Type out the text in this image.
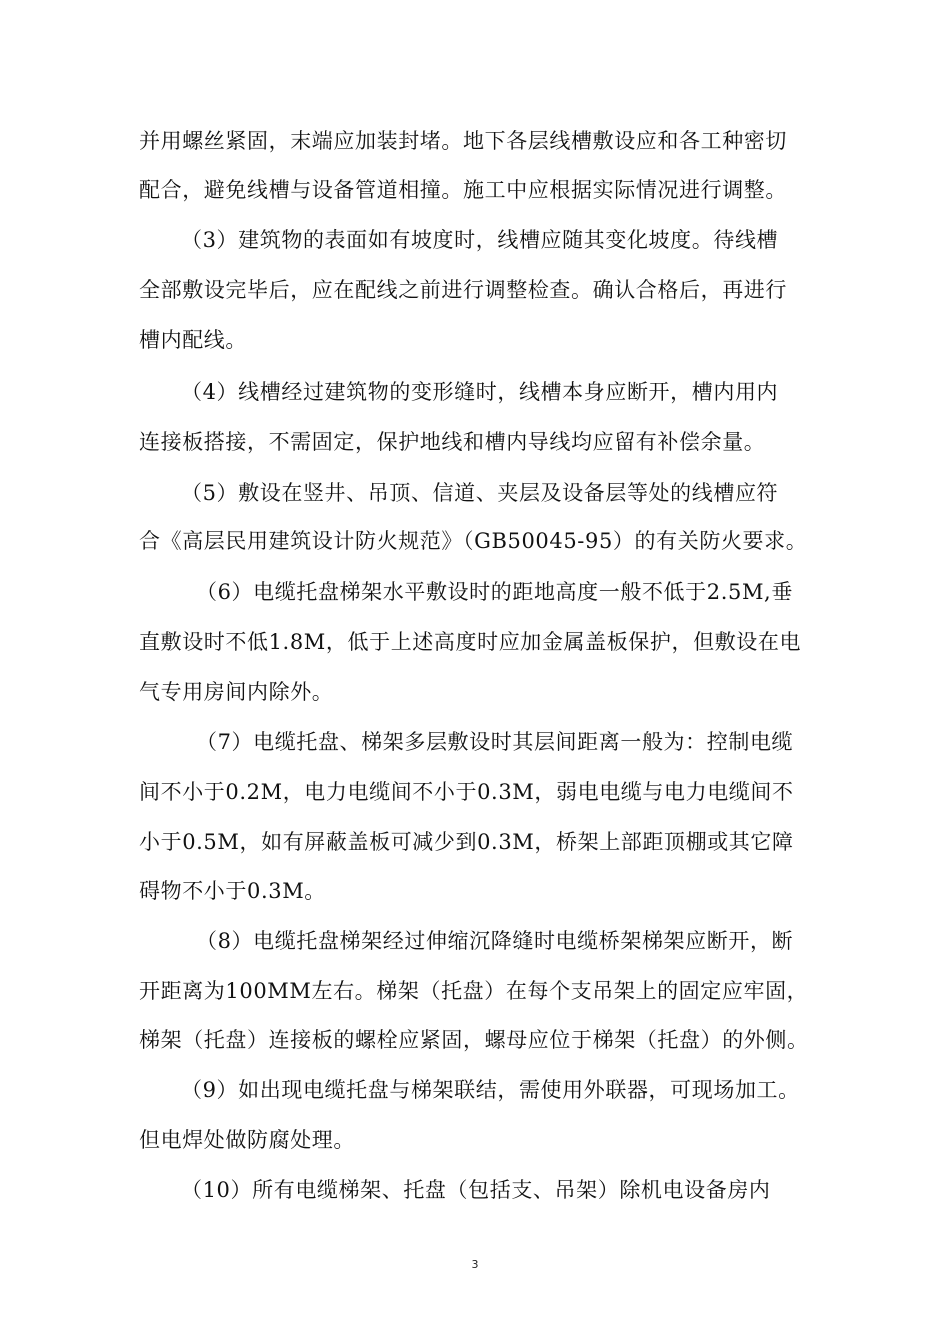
并用螺丝紧固，末端应加装封堵。地下各层线槽敷设应和各工种密切
配合，避免线槽与设备管道相撞。施工中应根据实际情况进行调整。
（3）建筑物的表面如有坡度时，线槽应随其变化坡度。待线槽
全部敷设完毕后，应在配线之前进行调整检查。确认合格后，再进行
槽内配线。
（4）线槽经过建筑物的变形缝时，线槽本身应断开，槽内用内
连接板搭接，不需固定，保护地线和槽内导线均应留有补偿余量。
（5）敷设在竖井、吊顶、信道、夹层及设备层等处的线槽应符
合《高层民用建筑设计防火规范》（GB50045-95）的有关防火要求。
（6）电缆托盘梯架水平敷设时的距地高度一般不低于2.5M,垂
直敷设时不低1.8M，低于上述高度时应加金属盖板保护，但敷设在电
气专用房间内除外。
（7）电缆托盘、梯架多层敷设时其层间距离一般为：控制电缆
间不小于0.2M，电力电缆间不小于0.3M，弱电电缆与电力电缆间不
小于0.5M，如有屏蔽盖板可减少到0.3M，桥架上部距顶棚或其它障
碍物不小于0.3M。
（8）电缆托盘梯架经过伸缩沉降缝时电缆桥架梯架应断开，断
开距离为100MM左右。梯架（托盘）在每个支吊架上的固定应牢固，
梯架（托盘）连接板的螺栓应紧固，螺母应位于梯架（托盘）的外侧。
（9）如出现电缆托盘与梯架联结，需使用外联器，可现场加工。
但电焊处做防腐处理。
（10）所有电缆梯架、托盘（包括支、吊架）除机电设备房内
3
